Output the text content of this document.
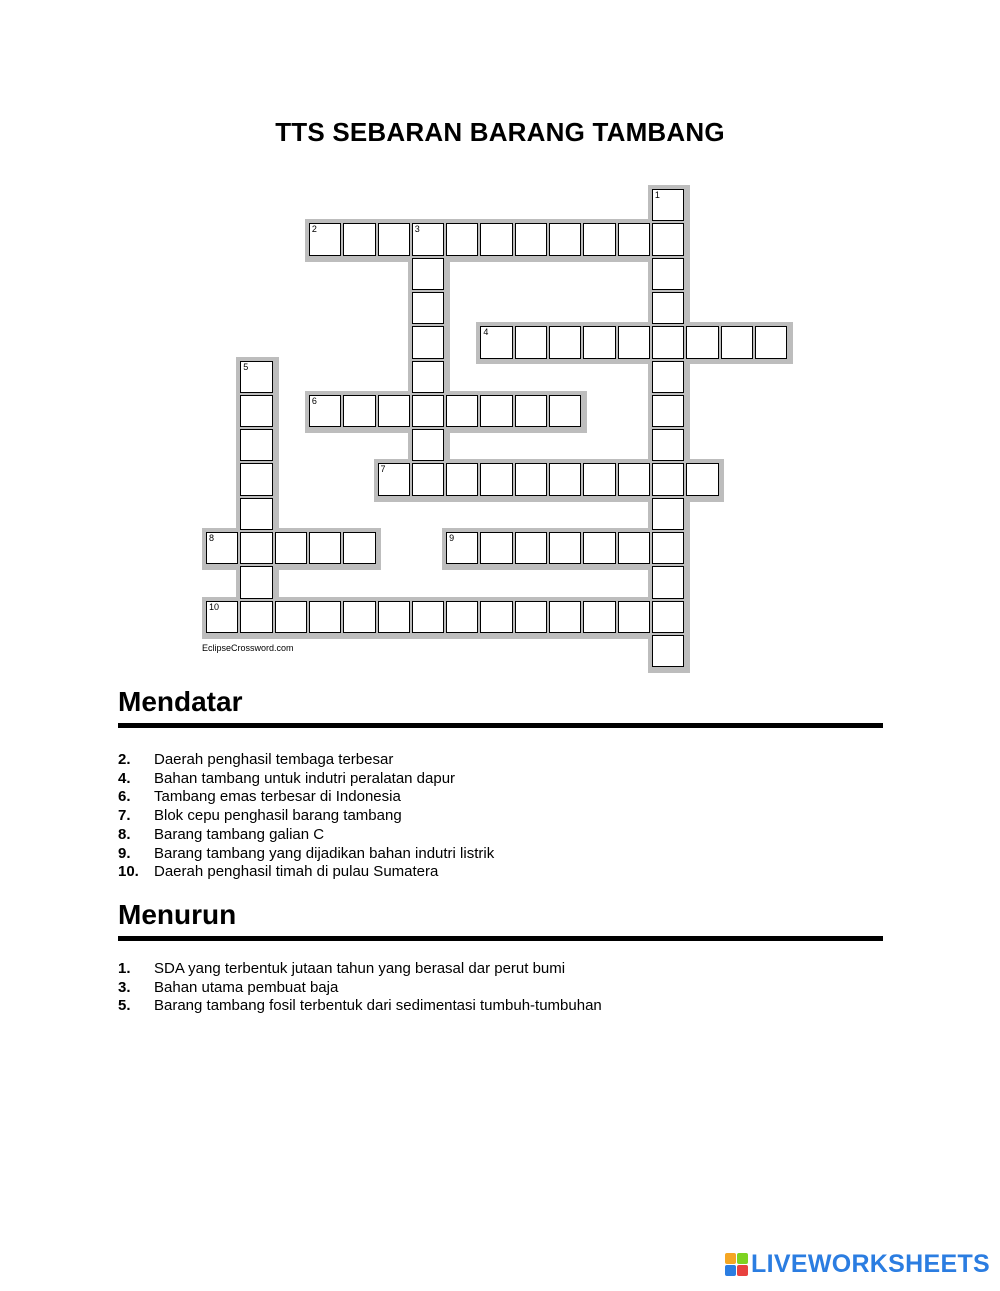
TTS SEBARAN BARANG TAMBANG
1
2	3
4
5
6
7
8	9
10
EclipseCrossword.com
Mendatar
2.	Daerah penghasil tembaga terbesar
4.	Bahan tambang untuk indutri peralatan dapur
6.	Tambang emas terbesar di Indonesia
7.	Blok cepu penghasil barang tambang
8.	Barang tambang galian C
9.	Barang tambang yang dijadikan bahan indutri listrik
10.	Daerah penghasil timah di pulau Sumatera
Menurun
1.	SDA yang terbentuk jutaan tahun yang berasal dar perut bumi
3.	Bahan utama pembuat baja
5.	Barang tambang fosil terbentuk dari sedimentasi tumbuh-tumbuhan
LIVEWORKSHEETS
